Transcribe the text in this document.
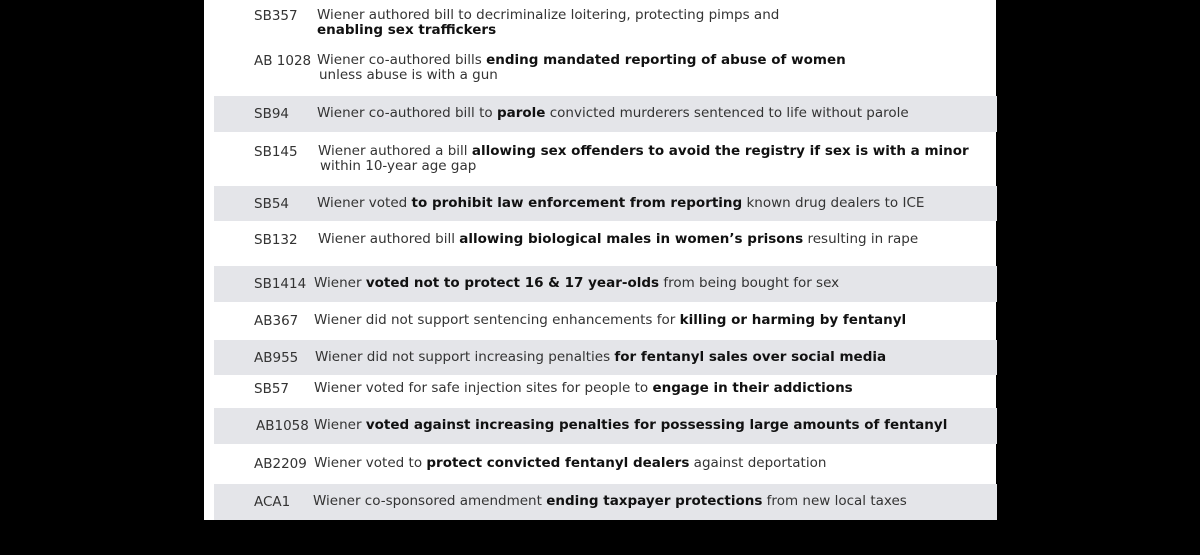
SB357 Wiener authored bill to decriminalize loitering, protecting pimps and
enabling sex traffickers
AB 1028 Wiener co-authored bills ending mandated reporting of abuse of women
unless abuse is with a gun
SB94 Wiener co-authored bill to parole convicted murderers sentenced to life without parole
SB145 Wiener authored a bill allowing sex offenders to avoid the registry if sex is with a minor
within 10-year age gap
SB54 Wiener voted to prohibit law enforcement from reporting known drug dealers to ICE
SB132 Wiener authored bill allowing biological males in women’s prisons resulting in rape
SB1414 Wiener voted not to protect 16 & 17 year-olds from being bought for sex
AB367 Wiener did not support sentencing enhancements for killing or harming by fentanyl
AB955 Wiener did not support increasing penalties for fentanyl sales over social media
SB57 Wiener voted for safe injection sites for people to engage in their addictions
AB1058 Wiener voted against increasing penalties for possessing large amounts of fentanyl
AB2209 Wiener voted to protect convicted fentanyl dealers against deportation
ACA1 Wiener co-sponsored amendment ending taxpayer protections from new local taxes
